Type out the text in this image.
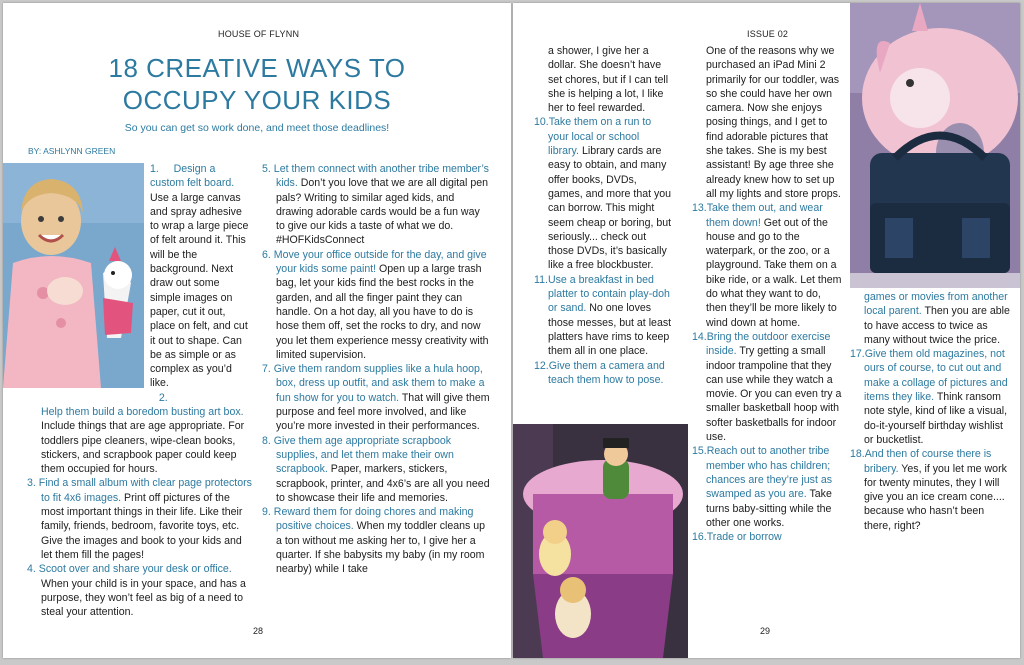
HOUSE OF FLYNN
18 CREATIVE WAYS TO
OCCUPY YOUR KIDS
So you can get so work done, and meet those deadlines!
BY: ASHLYNN GREEN

1. Design a custom felt board. Use a large canvas and spray adhesive to wrap a large piece of felt around it. This will be the background. Next draw out some simple images on paper, cut it out, place on felt, and cut it out to shape. Can be as simple or as complex as you’d like.

2.

Help them build a boredom busting art box. Include things that are age appropriate. For toddlers pipe cleaners, wipe-clean books, stickers, and scrapbook paper could keep them occupied for hours.

3. Find a small album with clear page protectors to fit 4x6 images. Print off pictures of the most important things in their life. Like their family, friends, bedroom, favorite toys, etc. Give the images and book to your kids and let them fill the pages!

4. Scoot over and share your desk or office. When your child is in your space, and has a purpose, they won’t feel as big of a need to steal your attention.

5. Let them connect with another tribe member’s kids. Don’t you love that we are all digital pen pals? Writing to similar aged kids, and drawing adorable cards would be a fun way to give our kids a taste of what we do. #HOFKidsConnect

6. Move your office outside for the day, and give your kids some paint! Open up a large trash bag, let your kids find the best rocks in the garden, and all the finger paint they can handle. On a hot day, all you have to do is hose them off, set the rocks to dry, and now you let them experience messy creativity with limited supervision.

7. Give them random supplies like a hula hoop, box, dress up outfit, and ask them to make a fun show for you to watch. That will give them purpose and feel more involved, and like you’re more invested in their performances.

8. Give them age appropriate scrapbook supplies, and let them make their own scrapbook. Paper, markers, stickers, scrapbook, printer, and 4x6’s are all you need to showcase their life and memories.

9. Reward them for doing chores and making positive choices. When my toddler cleans up a ton without me asking her to, I give her a quarter. If she babysits my baby (in my room nearby) while I take

28
ISSUE 02

a shower, I give her a dollar. She doesn’t have set chores, but if I can tell she is helping a lot, I like her to feel rewarded.

10.Take them on a run to your local or school library. Library cards are easy to obtain, and many offer books, DVDs, games, and more that you can borrow. This might seem cheap or boring, but seriously... check out those DVDs, it’s basically like a free blockbuster.

11.Use a breakfast in bed platter to contain play-doh or sand. No one loves those messes, but at least platters have rims to keep them all in one place.

12.Give them a camera and teach them how to pose.

One of the reasons why we purchased an iPad Mini 2 primarily for our toddler, was so she could have her own camera. Now she enjoys posing things, and I get to find adorable pictures that she takes. She is my best assistant! By age three she already knew how to set up all my lights and store props.

13.Take them out, and wear them down! Get out of the house and go to the waterpark, or the zoo, or a playground. Take them on a bike ride, or a walk. Let them do what they want to do, then they’ll be more likely to wind down at home.

14.Bring the outdoor exercise inside. Try getting a small indoor trampoline that they can use while they watch a movie. Or you can even try a smaller basketball hoop with softer basketballs for indoor use.

15.Reach out to another tribe member who has children; chances are they’re just as swamped as you are. Take turns baby-sitting while the other one works.

16.Trade or borrow

games or movies from another local parent. Then you are able to have access to twice as many without twice the price.

17.Give them old magazines, not ours of course, to cut out and make a collage of pictures and items they like. Think ransom note style, kind of like a visual, do-it-yourself birthday wishlist or bucketlist.

18.And then of course there is bribery. Yes, if you let me work for twenty minutes, they I will give you an ice cream cone.... because who hasn’t been there, right?

29
